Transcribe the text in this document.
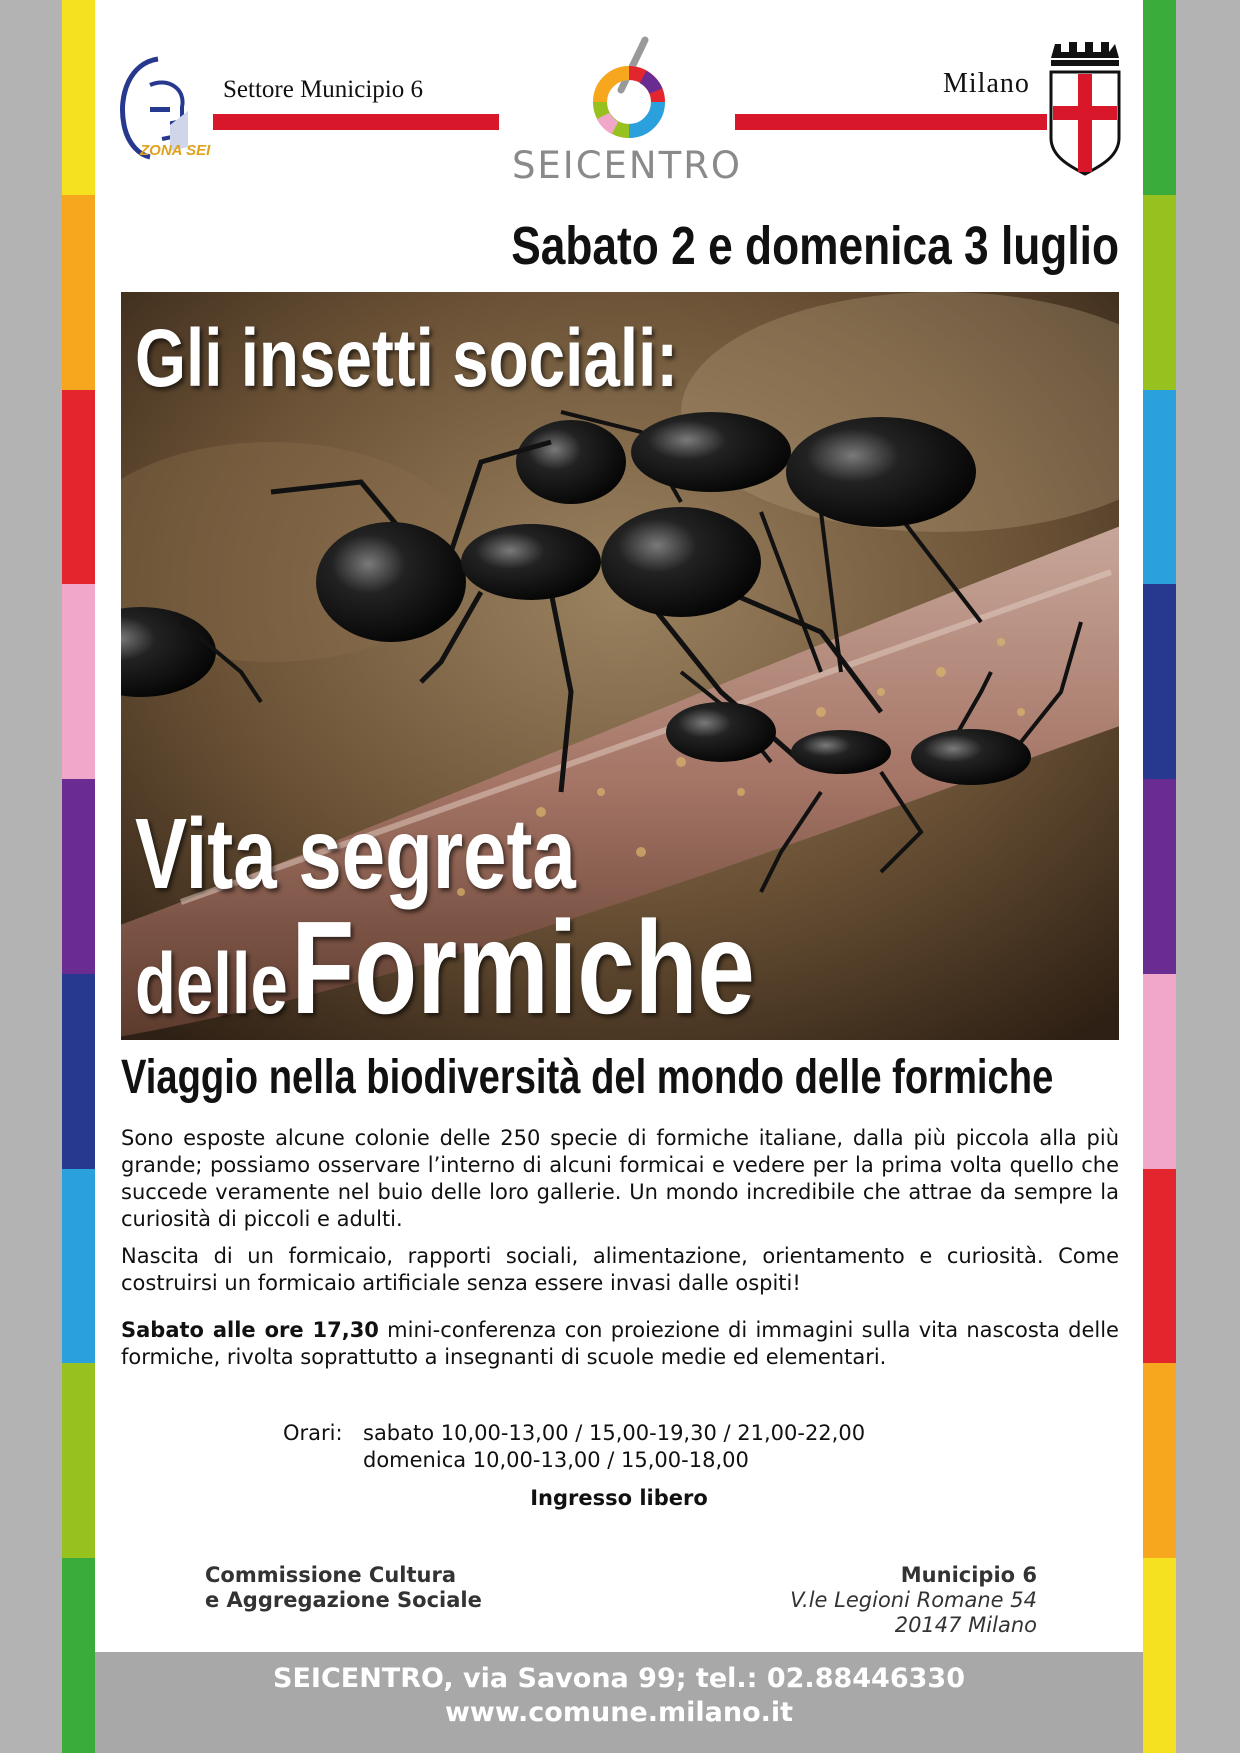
ZONA SEI
Settore Municipio 6
SEICENTRO
Milano
Sabato 2 e domenica 3 luglio
Gli insetti sociali:
Vita segreta
delle Formiche
Viaggio nella biodiversità del mondo delle formiche

Sono esposte alcune colonie delle 250 specie di formiche italiane, dalla più piccola alla più grande; possiamo osservare l’interno di alcuni formicai e vedere per la prima volta quello che succede veramente nel buio delle loro gallerie. Un mondo incredibile che attrae da sempre la curiosità di piccoli e adulti.

Nascita di un formicaio, rapporti sociali, alimentazione, orientamento e curiosità. Come costruirsi un formicaio artificiale senza essere invasi dalle ospiti!

Sabato alle ore 17,30 mini-conferenza con proiezione di immagini sulla vita nascosta delle formiche, rivolta soprattutto a insegnanti di scuole medie ed elementari.

Orari: sabato 10,00-13,00 / 15,00-19,30 / 21,00-22,00
domenica 10,00-13,00 / 15,00-18,00
Ingresso libero
Commissione Cultura
e Aggregazione Sociale
Municipio 6
V.le Legioni Romane 54
20147 Milano
SEICENTRO, via Savona 99; tel.: 02.88446330
www.comune.milano.it
